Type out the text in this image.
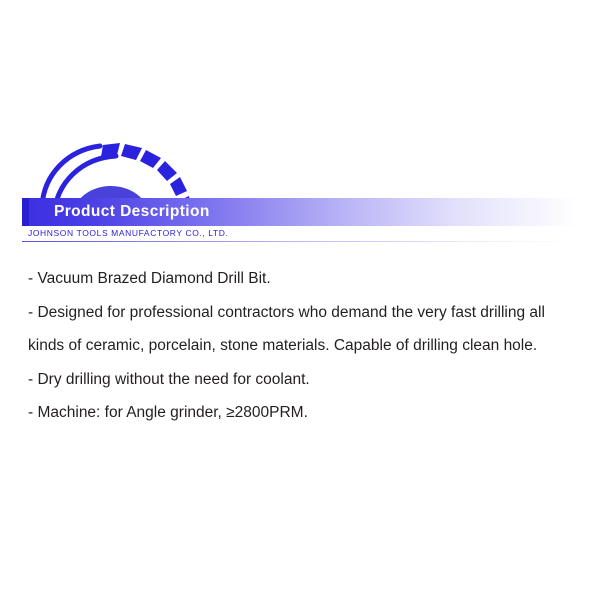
Product Description
JOHNSON TOOLS MANUFACTORY CO., LTD.

- Vacuum Brazed Diamond Drill Bit.

- Designed for professional contractors who demand the very fast drilling all kinds of ceramic, porcelain, stone materials. Capable of drilling clean hole.

- Dry drilling without the need for coolant.

- Machine: for Angle grinder, ≥2800PRM.
